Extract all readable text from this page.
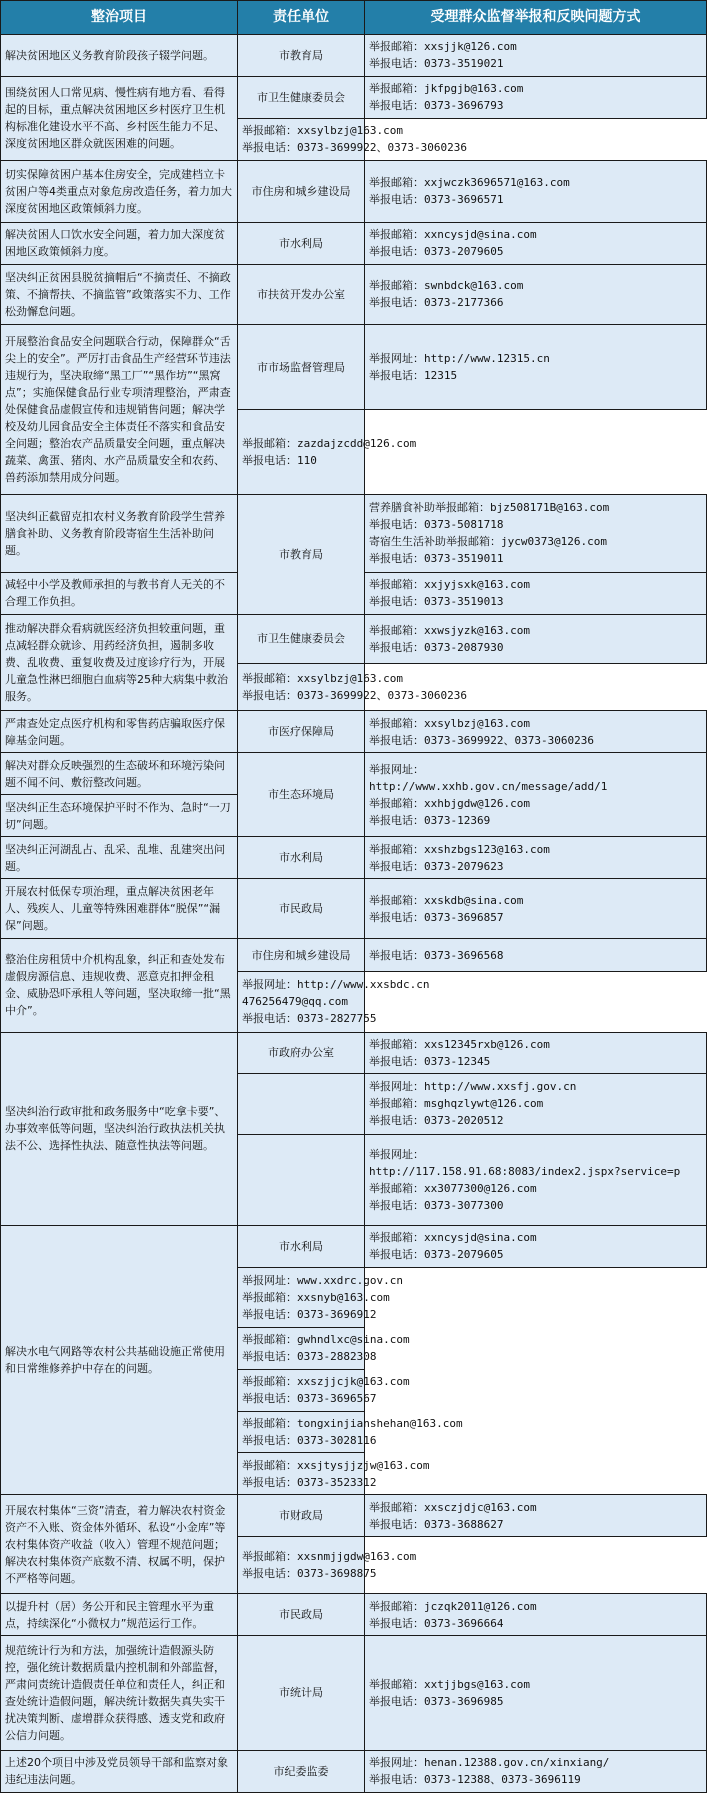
整治项目	责任单位	受理群众监督举报和反映问题方式
解决贫困地区义务教育阶段孩子辍学问题。	市教育局	举报邮箱：xxsjjk@126.com
举报电话：0373-3519021

围绕贫困人口常见病、慢性病有地方看、看得起的目标，重点解决贫困地区乡村医疗卫生机构标准化建设水平不高、乡村医生能力不足、深度贫困地区群众就医困难的问题。	市卫生健康委员会	举报邮箱：jkfpgjb@163.com
举报电话：0373-3696793

	举报邮箱：xxsylbzj@163.com
举报电话：0373-3699922、0373-3060236	

切实保障贫困户基本住房安全，完成建档立卡贫困户等4类重点对象危房改造任务，着力加大深度贫困地区政策倾斜力度。	市住房和城乡建设局	举报邮箱：xxjwczk3696571@163.com
举报电话：0373-3696571

解决贫困人口饮水安全问题，着力加大深度贫困地区政策倾斜力度。	市水利局	举报邮箱：xxncysjd@sina.com
举报电话：0373-2079605

坚决纠正贫困县脱贫摘帽后“不摘责任、不摘政策、不摘帮扶、不摘监管”政策落实不力、工作松劲懈怠问题。	市扶贫开发办公室	举报邮箱：swnbdck@163.com
举报电话：0373-2177366

开展整治食品安全问题联合行动，保障群众“舌尖上的安全”。严厉打击食品生产经营环节违法违规行为，坚决取缔“黑工厂”“黑作坊”“黑窝点”；实施保健食品行业专项清理整治，严肃查处保健食品虚假宣传和违规销售问题；解决学校及幼儿园食品安全主体责任不落实和食品安全问题；整治农产品质量安全问题，重点解决蔬菜、禽蛋、猪肉、水产品质量安全和农药、兽药添加禁用成分问题。	市市场监督管理局	举报网址：http://www.12315.cn
举报电话：12315

	举报邮箱：zazdajzcdd@126.com
举报电话：110	

坚决纠正截留克扣农村义务教育阶段学生营养膳食补助、义务教育阶段寄宿生生活补助问题。	市教育局	营养膳食补助举报邮箱：bjz508171B@163.com
举报电话：0373-5081718
寄宿生生活补助举报邮箱：jycw0373@126.com
举报电话：0373-3519011

减轻中小学及教师承担的与教书育人无关的不合理工作负担。		举报邮箱：xxjyjsxk@163.com
举报电话：0373-3519013

推动解决群众看病就医经济负担较重问题，重点减轻群众就诊、用药经济负担，遏制多收费、乱收费、重复收费及过度诊疗行为，开展儿童急性淋巴细胞白血病等25种大病集中救治服务。	市卫生健康委员会	举报邮箱：xxwsjyzk@163.com
举报电话：0373-2087930

	举报邮箱：xxsylbzj@163.com
举报电话：0373-3699922、0373-3060236	

严肃查处定点医疗机构和零售药店骗取医疗保障基金问题。	市医疗保障局	举报邮箱：xxsylbzj@163.com
举报电话：0373-3699922、0373-3060236

解决对群众反映强烈的生态破坏和环境污染问题不闻不问、敷衍整改问题。	市生态环境局	举报网址：
http://www.xxhb.gov.cn/message/add/1
举报邮箱：xxhbjgdw@126.com
举报电话：0373-12369

坚决纠正生态环境保护平时不作为、急时“一刀切”问题。		
坚决纠正河湖乱占、乱采、乱堆、乱建突出问题。	市水利局	举报邮箱：xxshzbgs123@163.com
举报电话：0373-2079623

开展农村低保专项治理，重点解决贫困老年人、残疾人、儿童等特殊困难群体“脱保”“漏保”问题。	市民政局	举报邮箱：xxskdb@sina.com
举报电话：0373-3696857

整治住房租赁中介机构乱象，纠正和查处发布虚假房源信息、违规收费、恶意克扣押金租金、威胁恐吓承租人等问题，坚决取缔一批“黑中介”。	市住房和城乡建设局	举报电话：0373-3696568

	举报网址：http://www.xxsbdc.cn
476256479@qq.com
举报电话：0373-2827755	

坚决纠治行政审批和政务服务中“吃拿卡要”、办事效率低等问题，坚决纠治行政执法机关执法不公、选择性执法、随意性执法等问题。	市政府办公室	举报邮箱：xxs12345rxb@126.com
举报电话：0373-12345

		举报网址：http://www.xxsfj.gov.cn
举报邮箱：msghqzlywt@126.com
举报电话：0373-2020512

		举报网址：
http://117.158.91.68:8083/index2.jspx?service=p
举报邮箱：xx3077300@126.com
举报电话：0373-3077300

解决水电气网路等农村公共基础设施正常使用和日常维修养护中存在的问题。	市水利局	举报邮箱：xxncysjd@sina.com
举报电话：0373-2079605

	举报网址：www.xxdrc.gov.cn
举报邮箱：xxsnyb@163.com
举报电话：0373-3696912	

	举报邮箱：gwhndlxc@sina.com
举报电话：0373-2882308	

	举报邮箱：xxszjjcjk@163.com
举报电话：0373-3696567	

	举报邮箱：tongxinjianshehan@163.com
举报电话：0373-3028116	

	举报邮箱：xxsjtysjjzjw@163.com
举报电话：0373-3523312	

开展农村集体“三资”清查，着力解决农村资金资产不入账、资金体外循环、私设“小金库”等农村集体资产收益（收入）管理不规范问题；解决农村集体资产底数不清、权属不明，保护不严格等问题。	市财政局	举报邮箱：xxsczjdjc@163.com
举报电话：0373-3688627

	举报邮箱：xxsnmjjgdw@163.com
举报电话：0373-3698875	

以提升村（居）务公开和民主管理水平为重点，持续深化“小微权力”规范运行工作。	市民政局	举报邮箱：jczqk2011@126.com
举报电话：0373-3696664

规范统计行为和方法，加强统计造假源头防控，强化统计数据质量内控机制和外部监督，严肃问责统计造假责任单位和责任人，纠正和查处统计造假问题，解决统计数据失真失实干扰决策判断、虚增群众获得感、透支党和政府公信力问题。	市统计局	举报邮箱：xxtjjbgs@163.com
举报电话：0373-3696985

上述20个项目中涉及党员领导干部和监察对象违纪违法问题。	市纪委监委	举报网址：henan.12388.gov.cn/xinxiang/
举报电话：0373-12388、0373-3696119
